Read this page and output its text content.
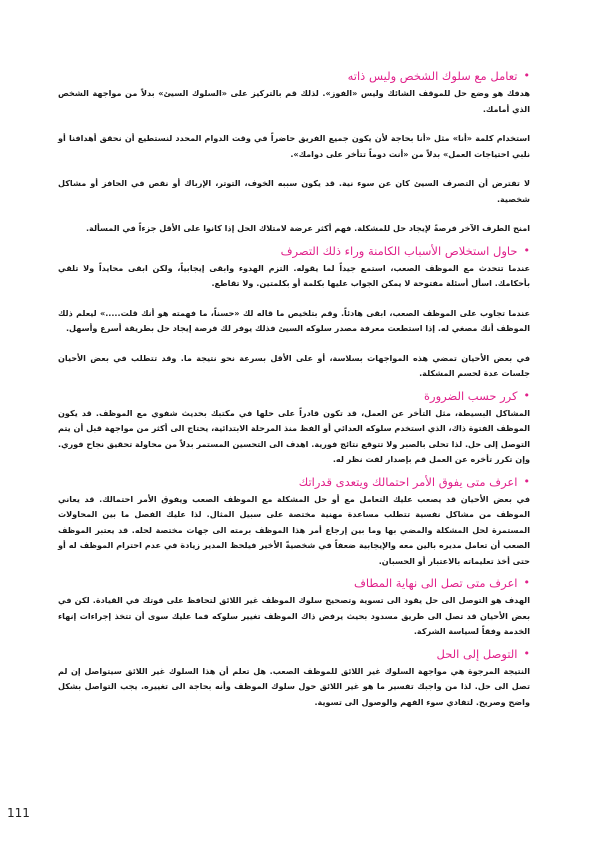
•
تعامل مع سلوك الشخص وليس ذاته

هدفك هو وضع حل للموقف الشائك وليس «الفوز». لذلك قم بالتركيز على «السلوك السيئ» بدلاً من مواجهة الشخص الذي أمامك.

استخدام كلمة «أنا» مثل «أنا بحاجة لأن يكون جميع الفريق حاضراً في وقت الدوام المحدد لنستطيع أن نحقق أهدافنا أو نلبي احتياجات العمل» بدلاً من «أنت دوماً تتأخر على دوامك».

لا تفترض أن التصرف السيئ كان عن سوء نية. قد يكون سببه الخوف، التوتر، الإرباك أو نقص في الحافز أو مشاكل شخصية.

امنح الطرف الآخر فرصةً لإيجاد حل للمشكلة. فهم أكثر عرضة لامتلاك الحل إذا كانوا على الأقل جزءاً في المسألة.

•
حاول استخلاص الأسباب الكامنة وراء ذلك التصرف

عندما تتحدث مع الموظف الصعب، استمع جيداً لما يقوله. التزم الهدوء وابقى إيجابياً، ولكن ابقى محايداً ولا تلقي بأحكامك. اسأل أسئلة مفتوحة لا يمكن الجواب عليها بكلمة أو بكلمتين. ولا تقاطع.

عندما تجاوب على الموظف الصعب، ابقى هادئاً. وقم بتلخيص ما قاله لك «حسناً، ما فهمته هو أنك قلت.....» ليعلم ذلك الموظف أنك مصغي له. إذا استطعت معرفة مصدر سلوكه السيئ فذلك يوفر لك فرصة إيجاد حل بطريقة أسرع وأسهل.

في بعض الأحيان تمضي هذه المواجهات بسلاسة، أو على الأقل بسرعة نحو نتيجة ما. وقد تتطلب في بعض الأحيان جلسات عدة لحسم المشكلة.

•
كرر حسب الضرورة

المشاكل البسيطة، مثل التأخر عن العمل، قد تكون قادراً على حلها في مكتبك بحديث شفوي مع الموظف. قد يكون الموظف الفتوة ذاك، الذي استخدم سلوكه العدائي أو الفظ منذ المرحلة الابتدائية، يحتاج الى أكثر من مواجهة قبل أن يتم التوصل إلى حل. لذا تحلى بالصبر ولا تتوقع نتائج فورية. اهدف الى التحسين المستمر بدلاً من محاولة تحقيق نجاح فوري. وإن تكرر تأخره عن العمل قم بإصدار لفت نظر له.

•
اعرف متى يفوق الأمر احتمالك ويتعدى قدراتك

في بعض الأحيان قد يصعب عليك التعامل مع أو حل المشكلة مع الموظف الصعب ويفوق الأمر احتمالك. قد يعاني الموظف من مشاكل نفسية تتطلب مساعدة مهنية مختصة على سبيل المثال. لذا عليك الفصل ما بين المحاولات المستمرة لحل المشكلة والمضي بها وما بين إرجاع أمر هذا الموظف برمته الى جهات مختصة لحله. قد يعتبر الموظف الصعب أن تعامل مديره بالين معه والإيجابية ضعفاً في شخصيةّ الأخير فيلحظ المدير زيادة في عدم احترام الموظف له أو حتى أخذ تعليماته بالاعتبار أو الحسبان.

•
اعرف متى تصل الى نهاية المطاف

الهدف هو التوصل الى حل يقود الى تسوية وتصحيح سلوك الموظف غير اللائق لتحافظ على قوتك في القيادة. لكن في بعض الأحيان قد تصل الى طريق مسدود بحيث يرفض ذاك الموظف تغيير سلوكه فما عليك سوى أن تتخذ إجراءات إنهاء الخدمة وفقاً لسياسة الشركة.

•
التوصل إلى الحل

النتيجة المرجوة هي مواجهة السلوك غير اللائق للموظف الصعب. هل تعلم أن هذا السلوك غير اللائق سيتواصل إن لم تصل الى حل. لذا من واجبك تفسير ما هو غير اللائق حول سلوك الموظف وأنه بحاجة الى تغييره. يجب التواصل بشكل واضح وصريح. لتفادي سوء الفهم والوصول الى تسوية.

111
